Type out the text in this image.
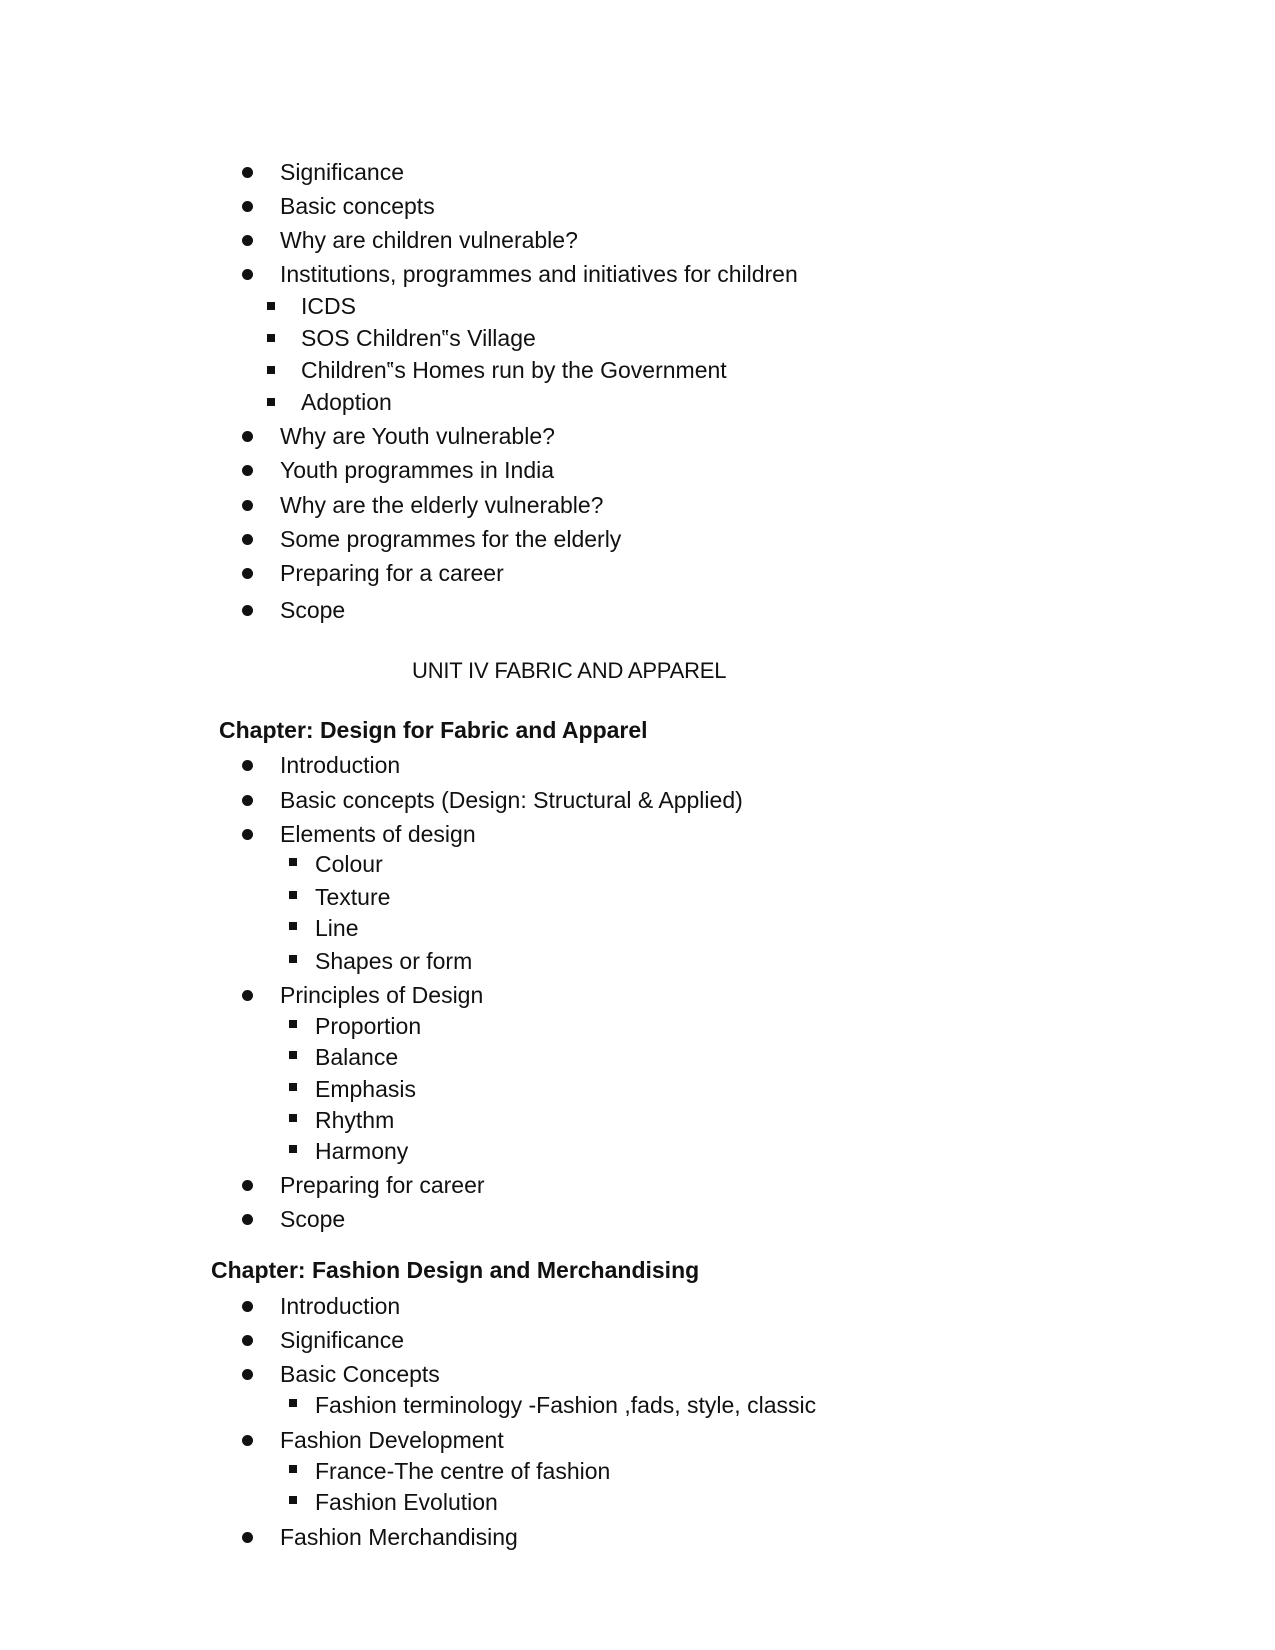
Significance
Basic concepts
Why are children vulnerable?
Institutions, programmes and initiatives for children
ICDS
SOS Children‟s Village
Children‟s Homes run by the Government
Adoption
Why are Youth vulnerable?
Youth programmes in India
Why are the elderly vulnerable?
Some programmes for the elderly
Preparing for a career
Scope
UNIT IV FABRIC AND APPAREL
Chapter: Design for Fabric and Apparel
Introduction
Basic concepts (Design: Structural & Applied)
Elements of design
Colour
Texture
Line
Shapes or form
Principles of Design
Proportion
Balance
Emphasis
Rhythm
Harmony
Preparing for career
Scope
Chapter: Fashion Design and Merchandising
Introduction
Significance
Basic Concepts
Fashion terminology -Fashion ,fads, style, classic
Fashion Development
France-The centre of fashion
Fashion Evolution
Fashion Merchandising
